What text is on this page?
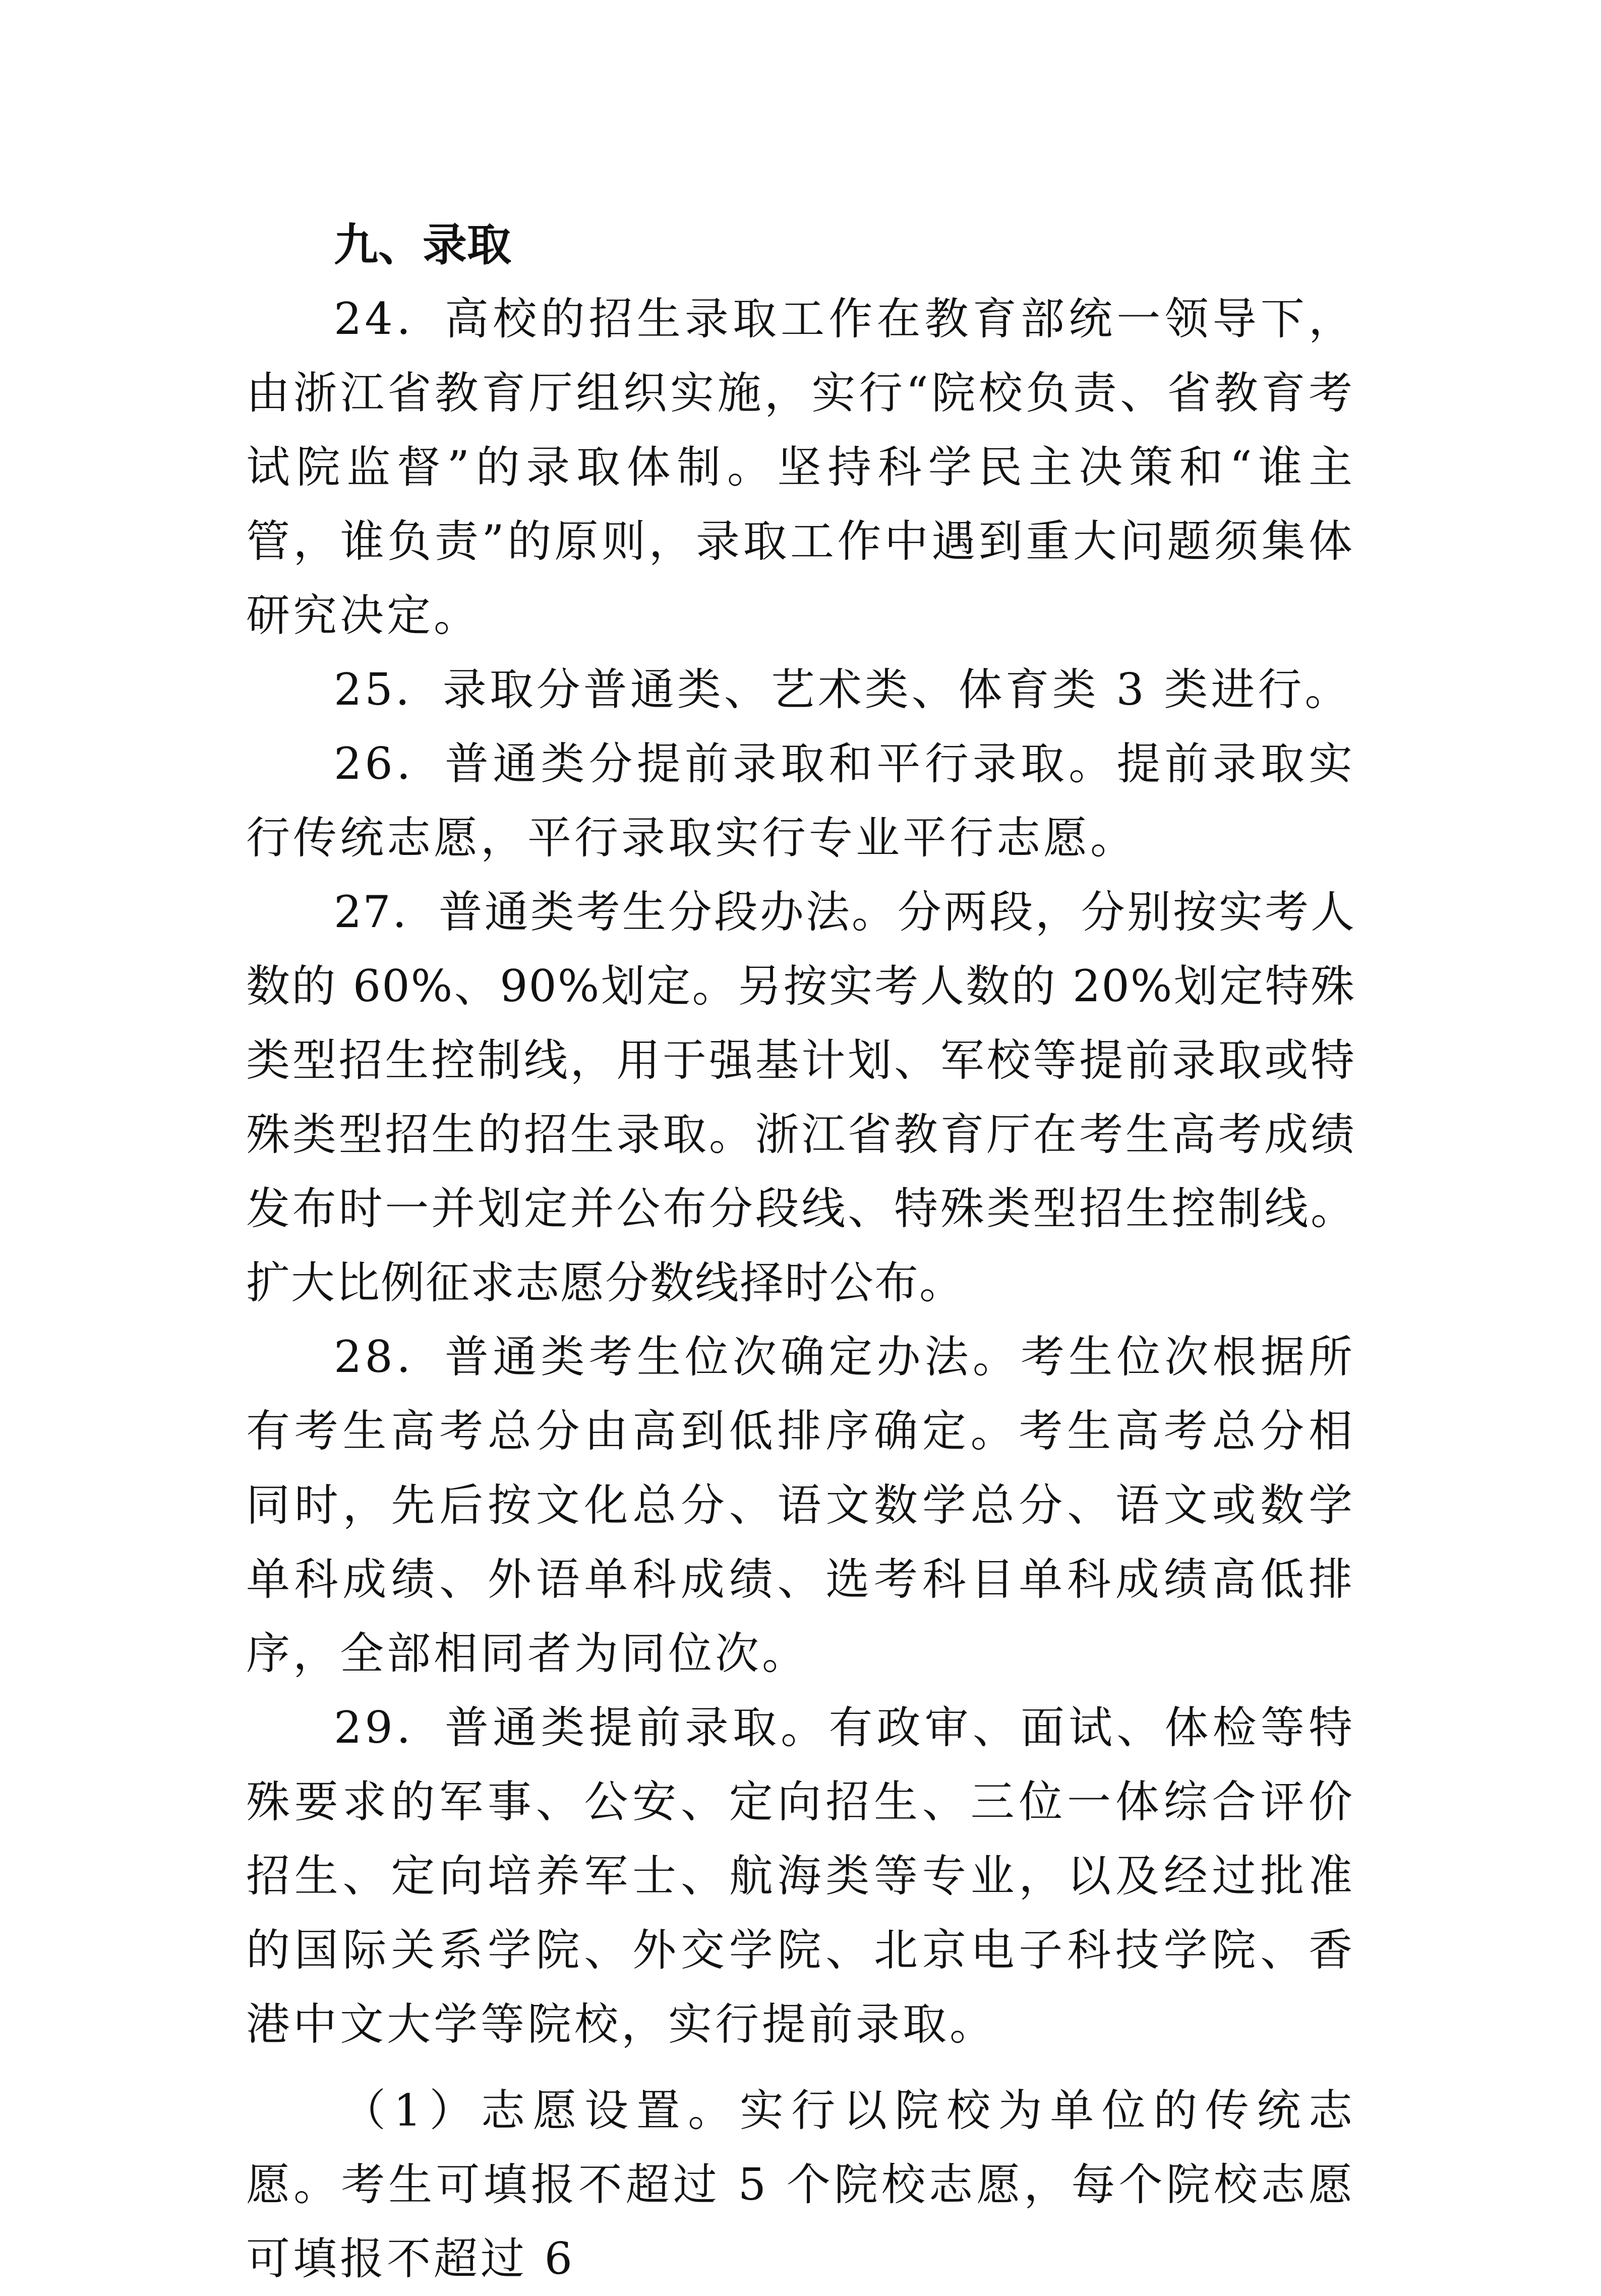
九、录取

24．高校的招生录取工作在教育部统一领导下，由浙江省教育厅组织实施，实行“院校负责、省教育考试院监督”的录取体制。坚持科学民主决策和“谁主管，谁负责”的原则，录取工作中遇到重大问题须集体研究决定。

25．录取分普通类、艺术类、体育类 3 类进行。

26．普通类分提前录取和平行录取。提前录取实行传统志愿，平行录取实行专业平行志愿。

27．普通类考生分段办法。分两段，分别按实考人数的 60%、90%划定。另按实考人数的 20%划定特殊类型招生控制线，用于强基计划、军校等提前录取或特殊类型招生的招生录取。浙江省教育厅在考生高考成绩发布时一并划定并公布分段线、特殊类型招生控制线。扩大比例征求志愿分数线择时公布。

28．普通类考生位次确定办法。考生位次根据所有考生高考总分由高到低排序确定。考生高考总分相同时，先后按文化总分、语文数学总分、语文或数学单科成绩、外语单科成绩、选考科目单科成绩高低排序，全部相同者为同位次。

29．普通类提前录取。有政审、面试、体检等特殊要求的军事、公安、定向招生、三位一体综合评价招生、定向培养军士、航海类等专业，以及经过批准的国际关系学院、外交学院、北京电子科技学院、香港中文大学等院校，实行提前录取。

（1）志愿设置。实行以院校为单位的传统志愿。考生可填报不超过 5 个院校志愿，每个院校志愿可填报不超过 6
